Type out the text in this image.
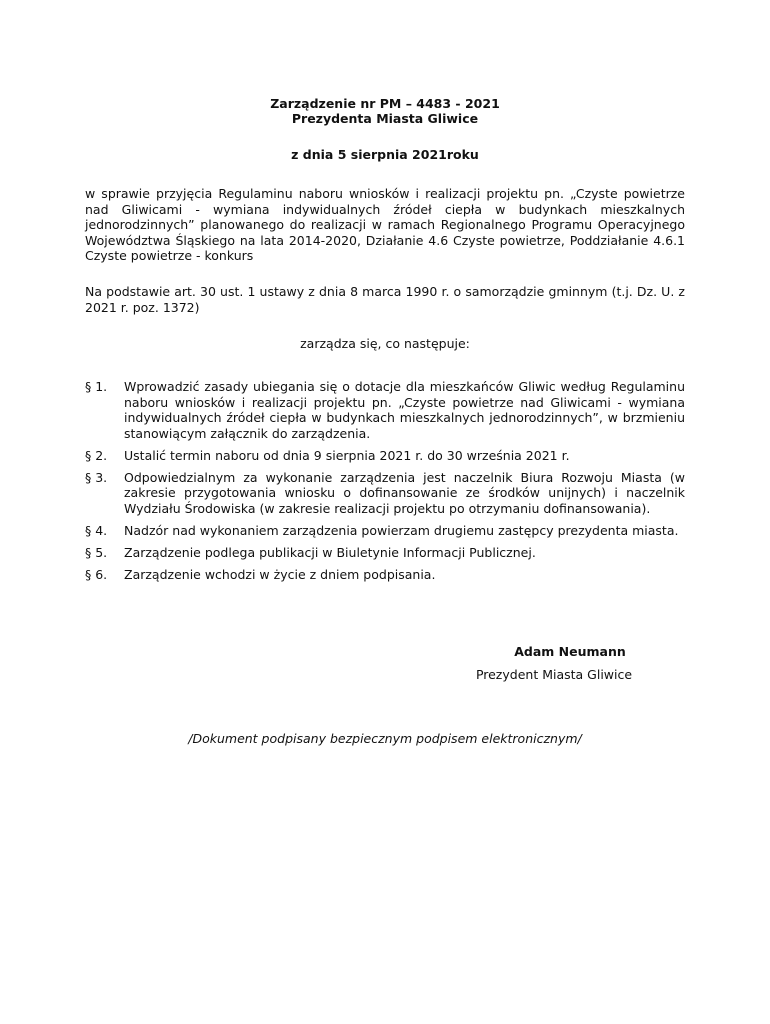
Zarządzenie nr PM – 4483 - 2021
Prezydenta Miasta Gliwice
z dnia 5 sierpnia 2021roku
w sprawie przyjęcia Regulaminu naboru wniosków i realizacji projektu pn. „Czyste powietrze nad Gliwicami - wymiana indywidualnych źródeł ciepła w budynkach mieszkalnych jednorodzinnych” planowanego do realizacji w ramach Regionalnego Programu Operacyjnego Województwa Śląskiego na lata 2014-2020, Działanie 4.6 Czyste powietrze, Poddziałanie 4.6.1 Czyste powietrze - konkurs
Na podstawie art. 30 ust. 1 ustawy z dnia 8 marca 1990 r. o samorządzie gminnym (t.j. Dz. U. z 2021 r. poz. 1372)
zarządza się, co następuje:
§ 1.	Wprowadzić zasady ubiegania się o dotacje dla mieszkańców Gliwic według Regulaminu naboru wniosków i realizacji projektu pn. „Czyste powietrze nad Gliwicami - wymiana indywidualnych źródeł ciepła w budynkach mieszkalnych jednorodzinnych”, w brzmieniu stanowiącym załącznik do zarządzenia.
§ 2.	Ustalić termin naboru od dnia 9 sierpnia 2021 r. do 30 września 2021 r.
§ 3.	Odpowiedzialnym za wykonanie zarządzenia jest naczelnik Biura Rozwoju Miasta (w zakresie przygotowania wniosku o dofinansowanie ze środków unijnych) i naczelnik Wydziału Środowiska (w zakresie realizacji projektu po otrzymaniu dofinansowania).
§ 4.	Nadzór nad wykonaniem zarządzenia powierzam drugiemu zastępcy prezydenta miasta.
§ 5.	Zarządzenie podlega publikacji w Biuletynie Informacji Publicznej.
§ 6.	Zarządzenie wchodzi w życie z dniem podpisania.
Adam Neumann
Prezydent Miasta Gliwice
/Dokument podpisany bezpiecznym podpisem elektronicznym/
